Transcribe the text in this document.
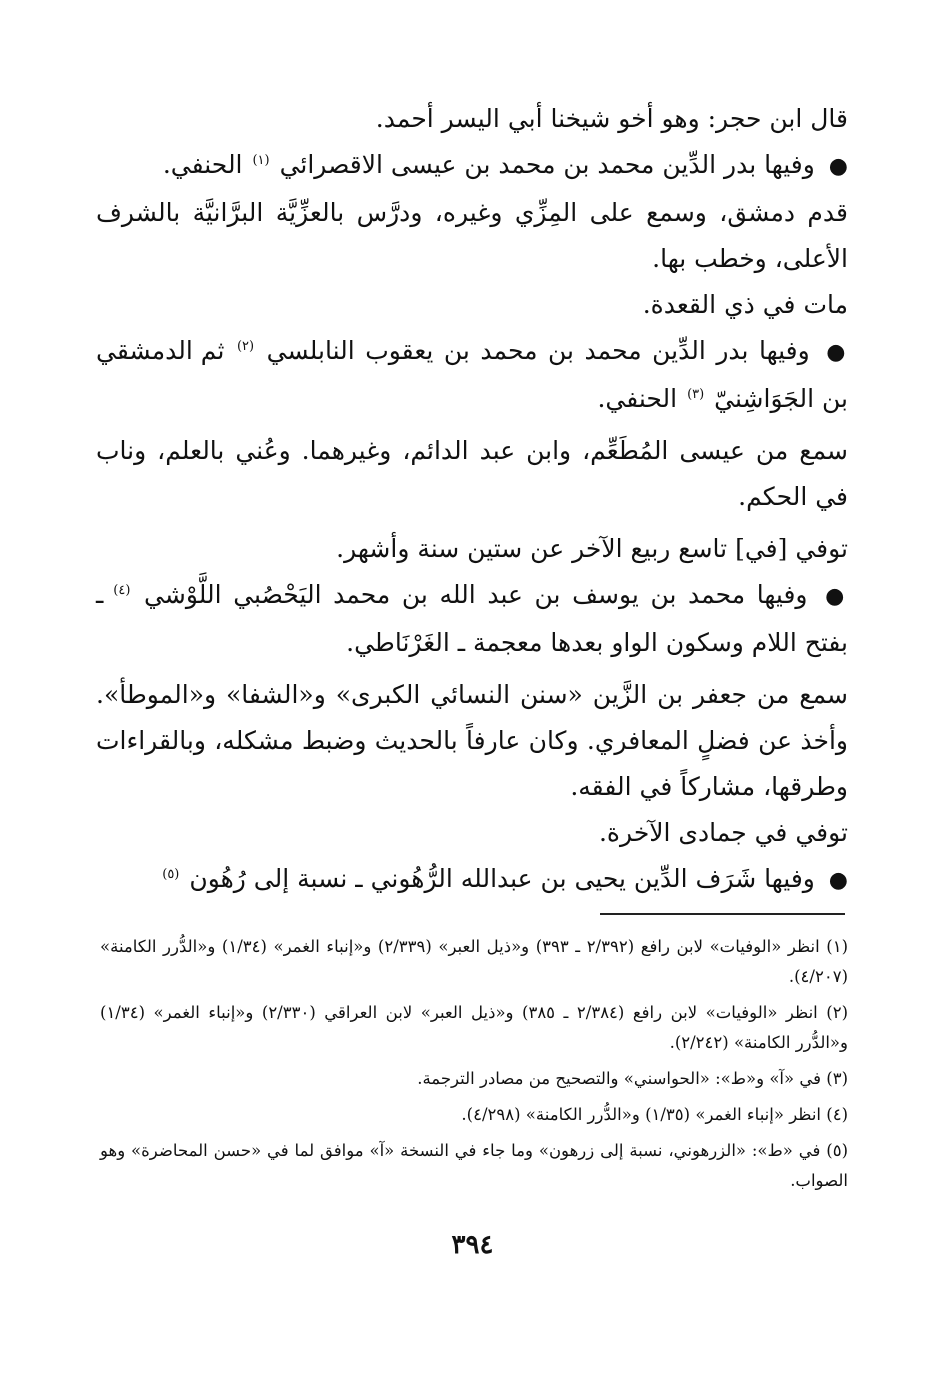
قال ابن حجر: وهو أخو شيخنا أبي اليسر أحمد.

● وفيها بدر الدِّين محمد بن محمد بن عيسى الاقصرائي $^{(١)}$ الحنفي.

قدم دمشق، وسمع على المِزِّي وغيره، ودرَّس بالعزِّيَّة البرَّانيَّة بالشرف الأعلى، وخطب بها.

مات في ذي القعدة.

● وفيها بدر الدِّين محمد بن محمد بن يعقوب النابلسي $^{(٢)}$ ثم الدمشقي بن الجَوَاشِنيّ $^{(٣)}$ الحنفي.

سمع من عيسى المُطَعِّم، وابن عبد الدائم، وغيرهما. وعُني بالعلم، وناب في الحكم.

توفي [في] تاسع ربيع الآخر عن ستين سنة وأشهر.

● وفيها محمد بن يوسف بن عبد الله بن محمد اليَحْصُبي اللَّوْشي $^{(٤)}$ ـ بفتح اللام وسكون الواو بعدها معجمة ـ الغَرْنَاطي.

سمع من جعفر بن الزَّين «سنن النسائي الكبرى» و«الشفا» و«الموطأ». وأخذ عن فضلٍ المعافري. وكان عارفاً بالحديث وضبط مشكله، وبالقراءات وطرقها، مشاركاً في الفقه.

توفي في جمادى الآخرة.

● وفيها شَرَف الدِّين يحيى بن عبدالله الرُّهُوني ـ نسبة إلى رُهُون $^{(٥)}$

(١) انظر «الوفيات» لابن رافع (٢/٣٩٢ ـ ٣٩٣) و«ذيل العبر» (٢/٣٣٩) و«إنباء الغمر» (١/٣٤) و«الدُّرر الكامنة» (٤/٢٠٧).

(٢) انظر «الوفيات» لابن رافع (٢/٣٨٤ ـ ٣٨٥) و«ذيل العبر» لابن العراقي (٢/٣٣٠) و«إنباء الغمر» (١/٣٤) و«الدُّرر الكامنة» (٢/٢٤٢).

(٣) في «آ» و«ط»: «الحواسني» والتصحيح من مصادر الترجمة.

(٤) انظر «إنباء الغمر» (١/٣٥) و«الدُّرر الكامنة» (٤/٢٩٨).

(٥) في «ط»: «الزرهوني، نسبة إلى زرهون» وما جاء في النسخة «آ» موافق لما في «حسن المحاضرة» وهو الصواب.

٣٩٤
